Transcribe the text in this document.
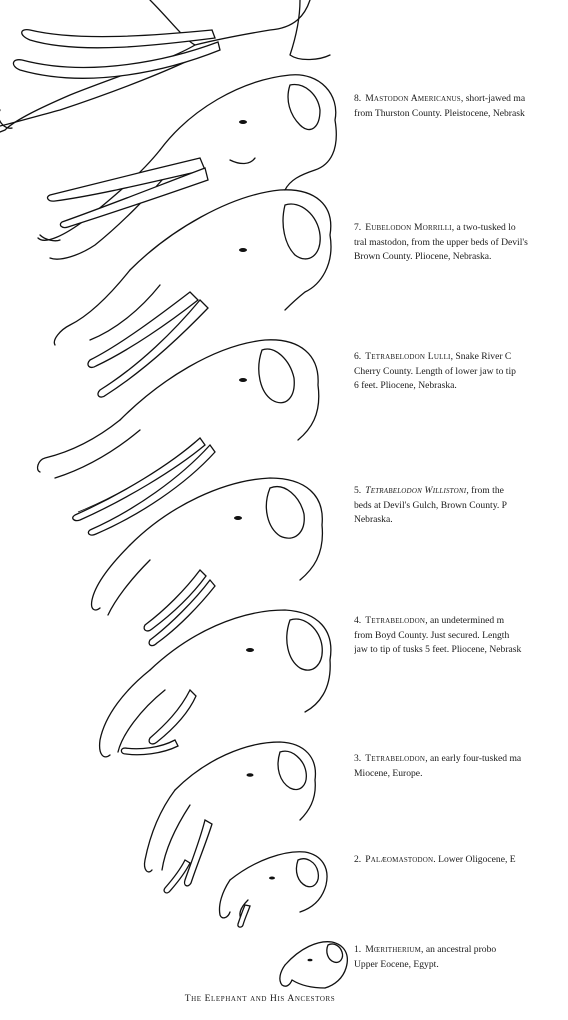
8. Mastodon Americanus, short-jawed ma
from Thurston County. Pleistocene, Nebrask
7. Eubelodon Morrilli, a two-tusked lo
tral mastodon, from the upper beds of Devil's
Brown County. Pliocene, Nebraska.
6. Tetrabelodon Lulli, Snake River C
Cherry County. Length of lower jaw to tip
6 feet. Pliocene, Nebraska.
5. Tetrabelodon Willistoni, from the
beds at Devil's Gulch, Brown County. P
Nebraska.
4. Tetrabelodon, an undetermined m
from Boyd County. Just secured. Length
jaw to tip of tusks 5 feet. Pliocene, Nebrask
3. Tetrabelodon, an early four-tusked ma
Miocene, Europe.
2. Palæomastodon. Lower Oligocene, E
1. Mœritherium, an ancestral probo
Upper Eocene, Egypt.
The Elephant and His Ancestors
